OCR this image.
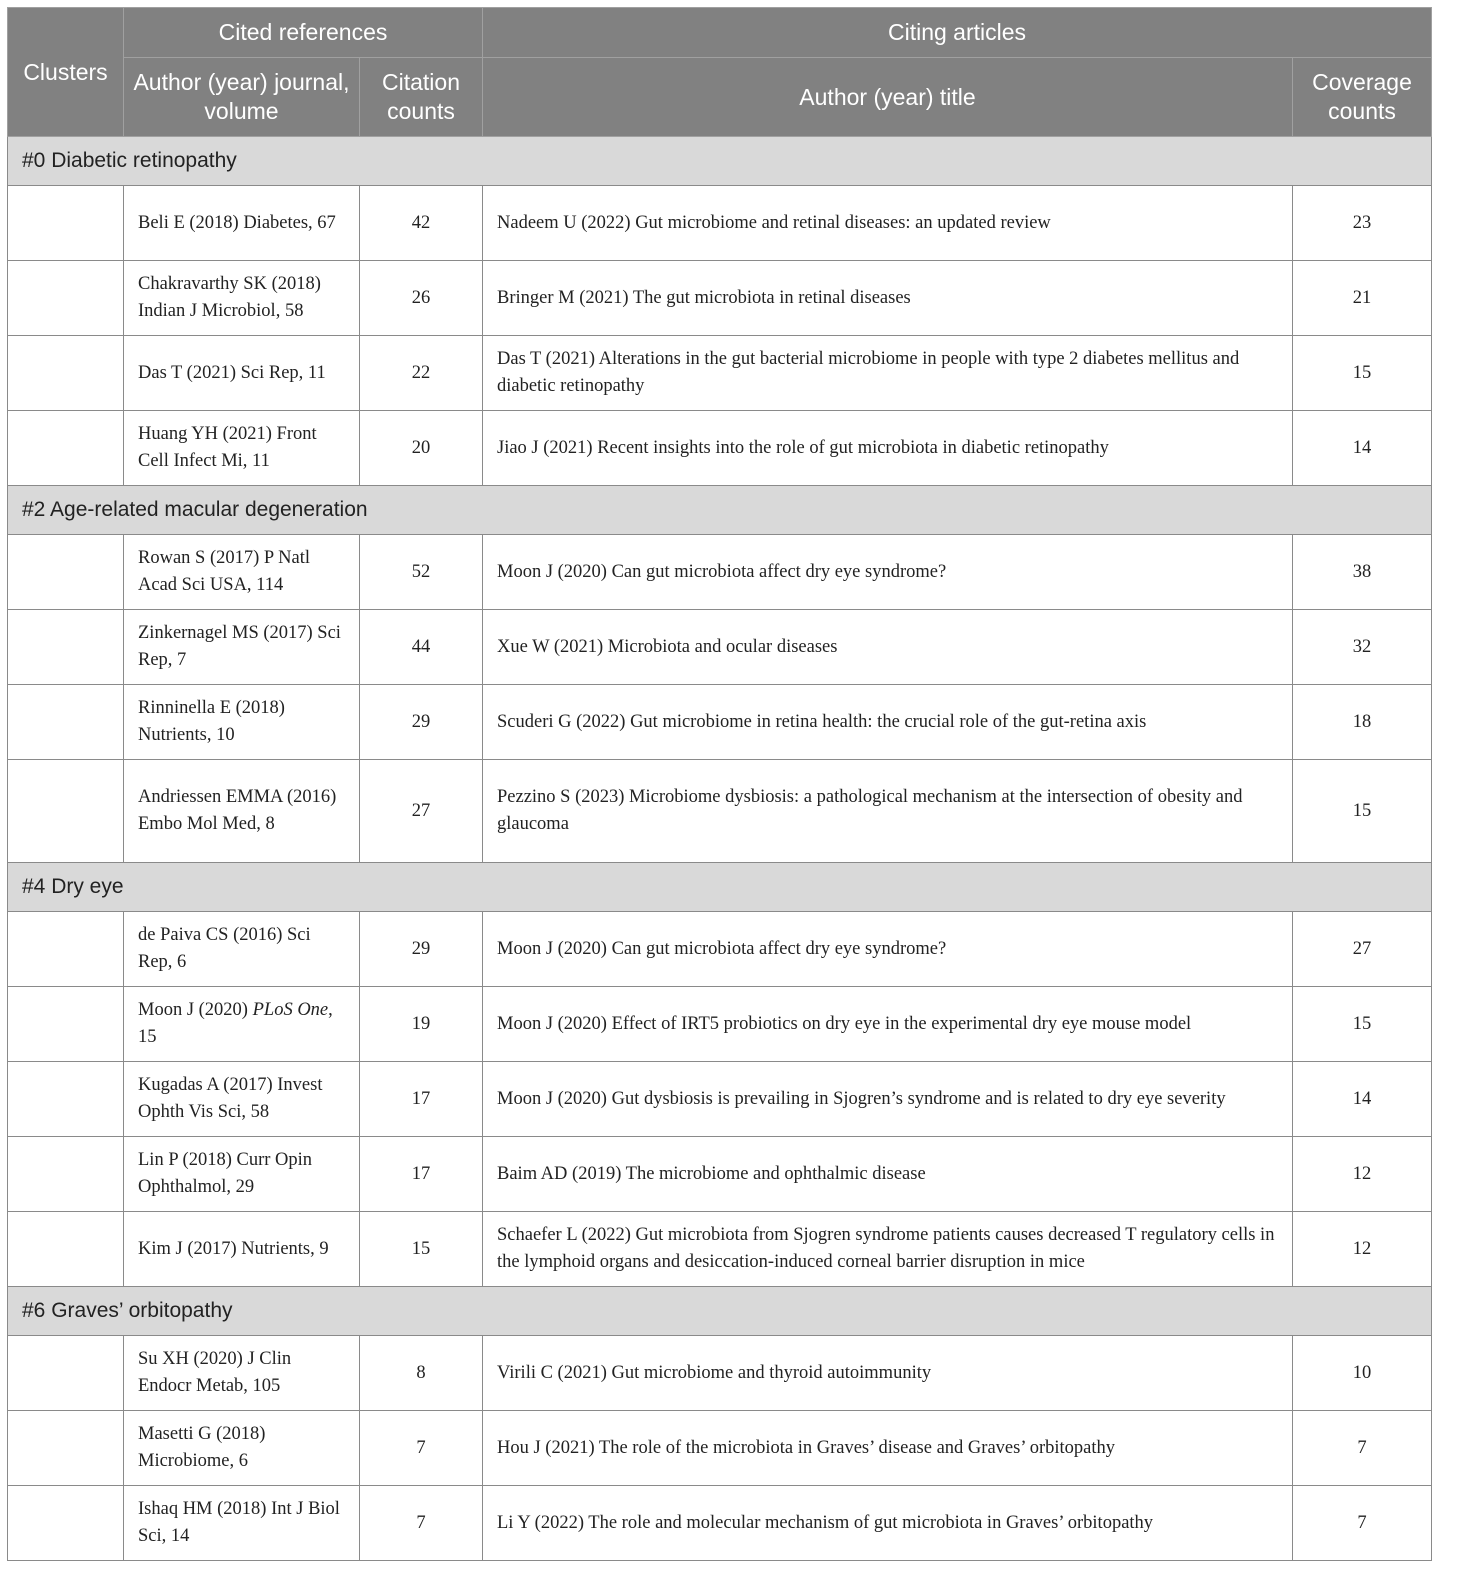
Clusters	Cited references		Citing articles	
	Author (year) journal, volume	Citation counts	Author (year) title	Coverage counts
#0 Diabetic retinopathy				
	Beli E (2018) Diabetes, 67	42	Nadeem U (2022) Gut microbiome and retinal diseases: an updated review	23
	Chakravarthy SK (2018) Indian J Microbiol, 58	26	Bringer M (2021) The gut microbiota in retinal diseases	21
	Das T (2021) Sci Rep, 11	22	Das T (2021) Alterations in the gut bacterial microbiome in people with type 2 diabetes mellitus and diabetic retinopathy	15
	Huang YH (2021) Front Cell Infect Mi, 11	20	Jiao J (2021) Recent insights into the role of gut microbiota in diabetic retinopathy	14
#2 Age-related macular degeneration				
	Rowan S (2017) P Natl Acad Sci USA, 114	52	Moon J (2020) Can gut microbiota affect dry eye syndrome?	38
	Zinkernagel MS (2017) Sci Rep, 7	44	Xue W (2021) Microbiota and ocular diseases	32
	Rinninella E (2018) Nutrients, 10	29	Scuderi G (2022) Gut microbiome in retina health: the crucial role of the gut-retina axis	18
	Andriessen EMMA (2016) Embo Mol Med, 8	27	Pezzino S (2023) Microbiome dysbiosis: a pathological mechanism at the intersection of obesity and glaucoma	15
#4 Dry eye				
	de Paiva CS (2016) Sci Rep, 6	29	Moon J (2020) Can gut microbiota affect dry eye syndrome?	27
	Moon J (2020) PLoS One, 15	19	Moon J (2020) Effect of IRT5 probiotics on dry eye in the experimental dry eye mouse model	15
	Kugadas A (2017) Invest Ophth Vis Sci, 58	17	Moon J (2020) Gut dysbiosis is prevailing in Sjogren’s syndrome and is related to dry eye severity	14
	Lin P (2018) Curr Opin Ophthalmol, 29	17	Baim AD (2019) The microbiome and ophthalmic disease	12
	Kim J (2017) Nutrients, 9	15	Schaefer L (2022) Gut microbiota from Sjogren syndrome patients causes decreased T regulatory cells in the lymphoid organs and desiccation-induced corneal barrier disruption in mice	12
#6 Graves’ orbitopathy				
	Su XH (2020) J Clin Endocr Metab, 105	8	Virili C (2021) Gut microbiome and thyroid autoimmunity	10
	Masetti G (2018) Microbiome, 6	7	Hou J (2021) The role of the microbiota in Graves’ disease and Graves’ orbitopathy	7
	Ishaq HM (2018) Int J Biol Sci, 14	7	Li Y (2022) The role and molecular mechanism of gut microbiota in Graves’ orbitopathy	7
